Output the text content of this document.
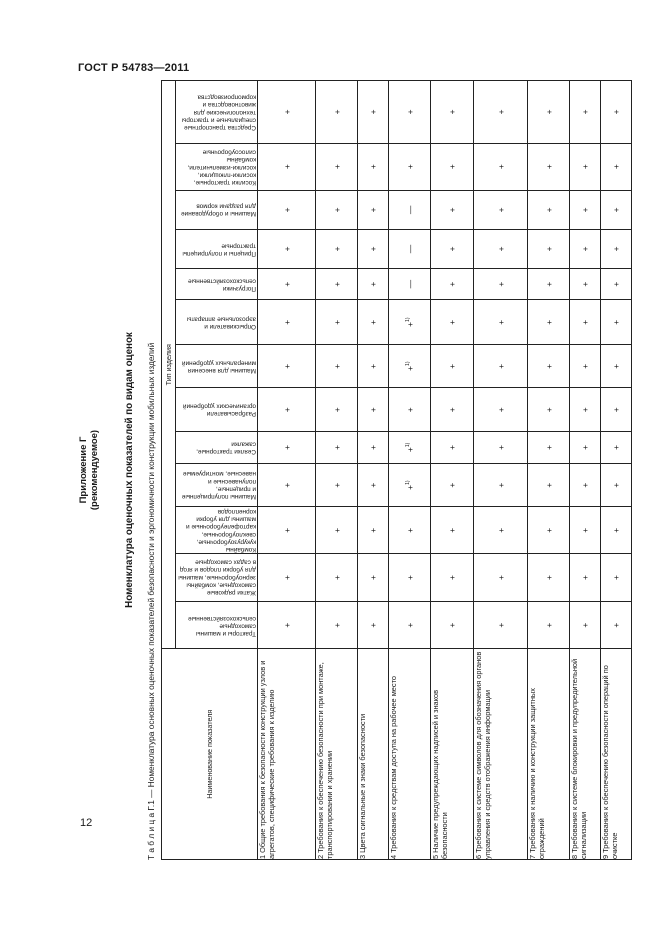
ГОСТ Р 54783—2011
12
Приложение Г (рекомендуемое) Номенклатура оценочных показателей по видам оценок Т а б л и ц а Г.1 — Номенклатура основных оценочных показателей безопасности и эргономичности конструкции мобильных изделий	Наименование показателя	Тип изделия												

	Тракторы и машины самоходные сельскохозяйственные	Жатки рядковые самоходные, комбайны зерноуборочные, машины для уборки плодов и ягод в садах самоходные	Комбайны кукурузоуборочные, свеклоуборочные, картофелеуборочные и машины для уборки корнеплодов	Машины полуприцепные и прицепные, полунавесные и навесные, монтируемые	Сеялки тракторные, сажалки	Разбрасыватели органических удобрений	Машины для внесения минеральных удобрений	Опрыскиватели и аэрозольные аппараты	Погрузчики сельскохозяйственные	Прицепы и полуприцепы тракторные	Машины и оборудование для раздачи кормов	Косилки тракторные, косилки-плющилки, косилки-измельчители, комбайны силосоуборочные	Средства транспортные специальные и тракторы технологические для животноводства и кормопроизводства

1 Общие требования к безопасности конструкции узлов и агрегатов, специфические требования к изделию	+	+	+	+	+	+	+	+	+	+	+	+	+
2 Требования к обеспечению безопасности при монтаже, транспортировании и хранении	+	+	+	+	+	+	+	+	+	+	+	+	+
3 Цвета сигнальные и знаки безопасности	+	+	+	+	+	+	+	+	+	+	+	+	+
4 Требования к средствам доступа на рабочее место	+	+	+	+$^{1)}$	+$^{1)}$	+	+$^{1)}$	+$^{1)}$	—	—	—	+	+
5 Наличие предупреждающих надписей и знаков безопасности	+	+	+	+	+	+	+	+	+	+	+	+	+
6 Требования к системе символов для обозначения органов управления и средств отображения информации	+	+	+	+	+	+	+	+	+	+	+	+	+
7 Требования к наличию и конструкции защитных ограждений	+	+	+	+	+	+	+	+	+	+	+	+	+
8 Требования к системе блокировки и предупредительной сигнализации	+	+	+	+	+	+	+	+	+	+	+	+	+
9 Требования к обеспечению безопасности операций по очистке	+	+	+	+	+	+	+	+	+	+	+	+	+
